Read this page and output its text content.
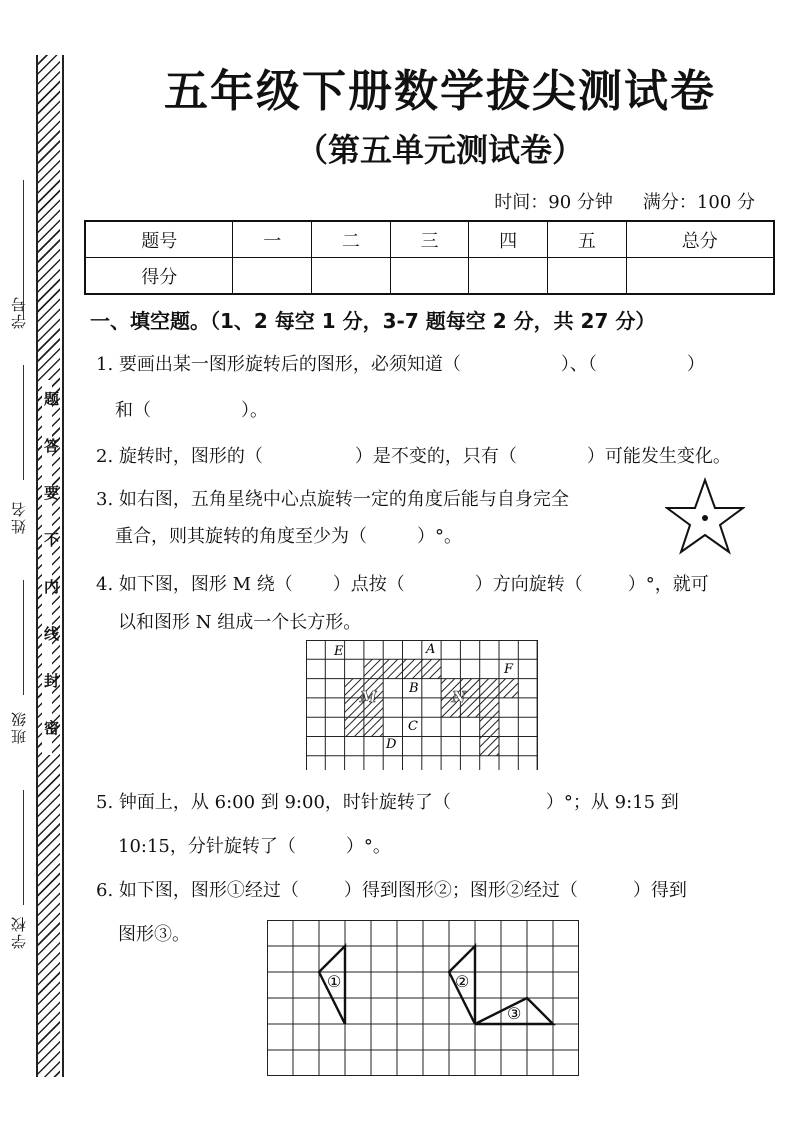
学号
姓名
班级
学校
题
答
要
不
内
线
封
密
五年级下册数学拔尖测试卷
（第五单元测试卷）
时间：90 分钟 满分：100 分
题号	一	二	三	四	五	总分
得分						
一、填空题。（1、2 每空 1 分，3-7 题每空 2 分，共 27 分）
1. 要画出某一图形旋转后的图形，必须知道（	）、（	）
和（	）。
2. 旋转时，图形的（	）是不变的，只有（	）可能发生变化。
3. 如右图，五角星绕中心点旋转一定的角度后能与自身完全
重合，则其旋转的角度至少为（	）°。
4. 如下图，图形 M 绕（ ）点按（	）方向旋转（	）°，就可
以和图形 N 组成一个长方形。
E	A
F
M B N
C
D
5. 钟面上，从 6:00 到 9:00，时针旋转了（	）°；从 9:15 到
10:15，分针旋转了（	）°。
6. 如下图，图形①经过（	）得到图形②；图形②经过（	）得到
图形③。
①	②
③
